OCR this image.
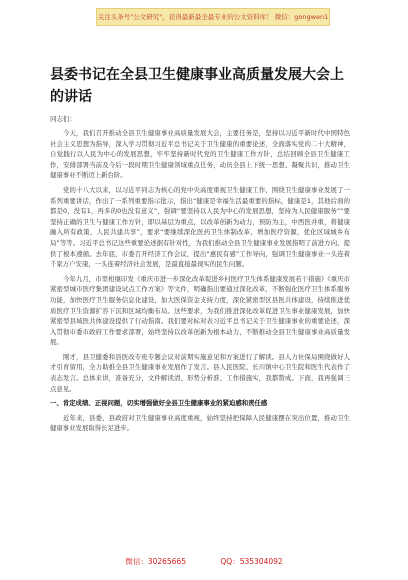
关注头条号"公文研究"，获得最新最全最专业的公文资料库！ 微信：gongwen1
县委书记在全县卫生健康事业高质量发展大会上的讲话
同志们：

今天，我们召开推动全县卫生健康事业高质量发展大会，主要任务是，坚持以习近平新时代中国特色社会主义思想为指导，深入学习贯彻习近平总书记关于卫生健康的重要论述，全面落实党的二十大精神，自觉践行以人民为中心的发展思想，牢牢坚持新时代党的卫生健康工作方针，总结回顾全县卫生健康工作，安排部署当前及今后一段时期卫生健康领域重点任务，动员全县上下统一思想、凝聚共识，推动卫生健康事业不断迈上新台阶。

党的十八大以来，以习近平同志为核心的党中央高度重视卫生健康工作，围绕卫生健康事业发展了一系列重要讲话，作出了一系列重要指示批示，指出“健康是幸福生活最重要的指标，健康是1，其他后面的都是0，没有1，再多的0也没有意义”，强调“要坚持以人民为中心的发展思想，坚持为人民健康服务”“要坚持正确的卫生与健康工作方针，即以基层为重点，以改革创新为动力，预防为主，中西医并重，将健康融入所有政策，人民共建共享”，要求“要继续深化医药卫生体制改革，增加医疗资源，优化区域城乡布局”等等。习近平总书记这些重要论述据有针对性，为我们推动全县卫生健康事业发展指明了前进方向、提供了根本遵循。去年底，市委召开经济工作会议，提出“惠民有感”工作导向，强调卫生健康事业一头连着千家万户安康，一头连着经济社会发展，是最直接最现实的民生问题。

今年九月，市里相继印发《重庆市进一步深化改革促进乡村医疗卫生体系健康发展若干措施》《重庆市紧密型城市医疗集团建设试点工作方案》等文件，明确指出要通过深化改革，不断强化医疗卫生体系服务功能，加快医疗卫生服务信息化建设，加大医保资金支持力度，深化紧密型区县医共体建设，持续推进优质医疗卫生资源扩容下沉和区域均衡布局。这些要求，为我们推进深化改革促进卫生事业健康发展，加快紧密型县域医共体建设提供了行动指南。我们要对标对表习近平总书记关于卫生健康事业的重要论述，深入贯彻市委市政府工作要求部署，始终坚持以改革创新为根本动力，不断推动全县卫生健康事业高质量发展。

刚才，县卫健委和县医改专班专题会议对前期实施意见和方案进行了解读。县人力社保局围绕做好人才引育留用，全力助推全县卫生健康事业发展作了发言。县人民医院、长川镇中心卫生院和医生代表作了表态发言。总体来讲，准备充分，文件解读清、形势分析准、工作措施实，我都赞成。下面，我再强调三点意见。

一、肯定成绩、正视问题，切实增强做好全县卫生健康事业的紧迫感和责任感

近年来，县委、县政府对卫生健康事业高度重视，始终坚持把保障人民健康摆在突出位置，推动卫生健康事业发展取得长足进步。

微信：30265665	QQ：535304092
